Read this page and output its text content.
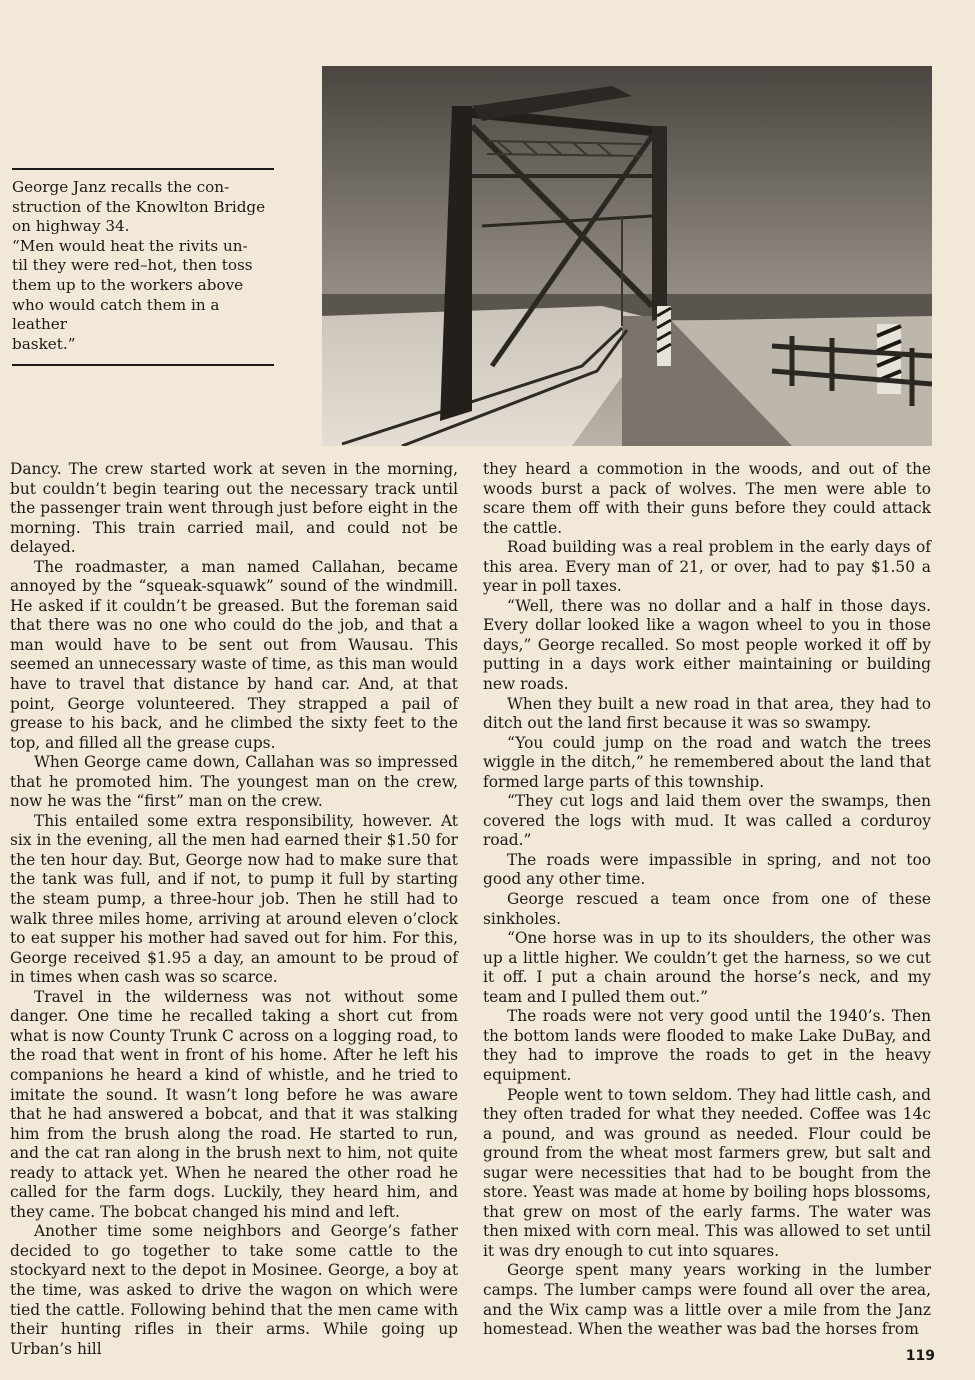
George Janz recalls the con-

struction of the Knowlton Bridge

on highway 34.

“Men would heat the rivits un-

til they were red–hot, then toss

them up to the workers above

who would catch them in a leather

basket.”

Dancy. The crew started work at seven in the morning, but couldn’t begin tearing out the necessary track until the passenger train went through just before eight in the morning. This train carried mail, and could not be delayed.

The roadmaster, a man named Callahan, became annoyed by the “squeak-squawk” sound of the windmill. He asked if it couldn’t be greased. But the foreman said that there was no one who could do the job, and that a man would have to be sent out from Wausau. This seemed an unnecessary waste of time, as this man would have to travel that distance by hand car. And, at that point, George volunteered. They strapped a pail of grease to his back, and he climbed the sixty feet to the top, and filled all the grease cups.

When George came down, Callahan was so impressed that he promoted him. The youngest man on the crew, now he was the “first” man on the crew.

This entailed some extra responsibility, however. At six in the evening, all the men had earned their $1.50 for the ten hour day. But, George now had to make sure that the tank was full, and if not, to pump it full by starting the steam pump, a three-hour job. Then he still had to walk three miles home, arriving at around eleven o’clock to eat supper his mother had saved out for him. For this, George received $1.95 a day, an amount to be proud of in times when cash was so scarce.

Travel in the wilderness was not without some danger. One time he recalled taking a short cut from what is now County Trunk C across on a logging road, to the road that went in front of his home. After he left his companions he heard a kind of whistle, and he tried to imitate the sound. It wasn’t long before he was aware that he had answered a bobcat, and that it was stalking him from the brush along the road. He started to run, and the cat ran along in the brush next to him, not quite ready to attack yet. When he neared the other road he called for the farm dogs. Luckily, they heard him, and they came. The bobcat changed his mind and left.

Another time some neighbors and George’s father decided to go together to take some cattle to the stockyard next to the depot in Mosinee. George, a boy at the time, was asked to drive the wagon on which were tied the cattle. Following behind that the men came with their hunting rifles in their arms. While going up Urban’s hill

they heard a commotion in the woods, and out of the woods burst a pack of wolves. The men were able to scare them off with their guns before they could attack the cattle.

Road building was a real problem in the early days of this area. Every man of 21, or over, had to pay $1.50 a year in poll taxes.

“Well, there was no dollar and a half in those days. Every dollar looked like a wagon wheel to you in those days,” George recalled. So most people worked it off by putting in a days work either maintaining or building new roads.

When they built a new road in that area, they had to ditch out the land first because it was so swampy.

“You could jump on the road and watch the trees wiggle in the ditch,” he remembered about the land that formed large parts of this township.

“They cut logs and laid them over the swamps, then covered the logs with mud. It was called a corduroy road.”

The roads were impassible in spring, and not too good any other time.

George rescued a team once from one of these sinkholes.

“One horse was in up to its shoulders, the other was up a little higher. We couldn’t get the harness, so we cut it off. I put a chain around the horse’s neck, and my team and I pulled them out.”

The roads were not very good until the 1940’s. Then the bottom lands were flooded to make Lake DuBay, and they had to improve the roads to get in the heavy equipment.

People went to town seldom. They had little cash, and they often traded for what they needed. Coffee was 14c a pound, and was ground as needed. Flour could be ground from the wheat most farmers grew, but salt and sugar were necessities that had to be bought from the store. Yeast was made at home by boiling hops blossoms, that grew on most of the early farms. The water was then mixed with corn meal. This was allowed to set until it was dry enough to cut into squares.

George spent many years working in the lumber camps. The lumber camps were found all over the area, and the Wix camp was a little over a mile from the Janz homestead. When the weather was bad the horses from

119
